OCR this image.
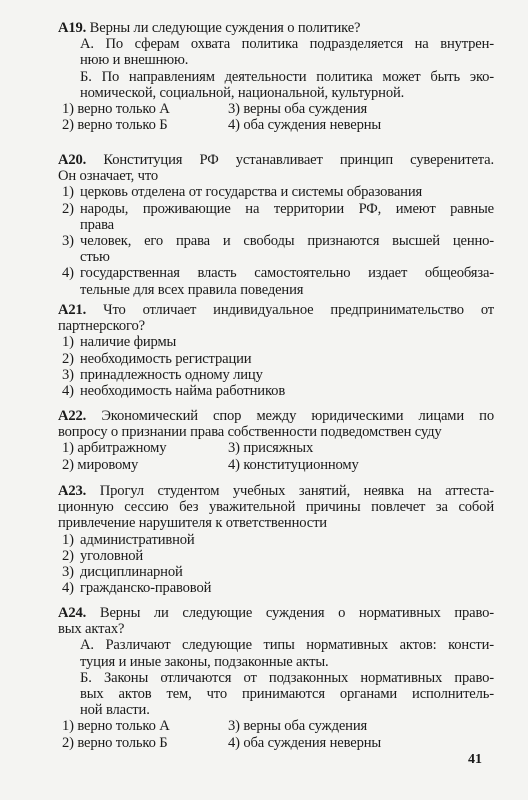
A19. Верны ли следующие суждения о политике?
А. По сферам охвата политика подразделяется на внутрен-
нюю и внешнюю.
Б. По направлениям деятельности политика может быть эко-
номической, социальной, национальной, культурной.
1) верно только А	3) верны оба суждения
2) верно только Б	4) оба суждения неверны
А20. Конституция РФ устанавливает принцип суверенитета.
Он означает, что
1) церковь отделена от государства и системы образования
2) народы, проживающие на территории РФ, имеют равные
права
3) человек, его права и свободы признаются высшей ценно-
стью
4) государственная власть самостоятельно издает общеобяза-
тельные для всех правила поведения
А21. Что отличает индивидуальное предпринимательство от
партнерского?
1) наличие фирмы
2) необходимость регистрации
3) принадлежность одному лицу
4) необходимость найма работников
А22. Экономический спор между юридическими лицами по
вопросу о признании права собственности подведомствен суду
1) арбитражному	3) присяжных
2) мировому	4) конституционному
А23. Прогул студентом учебных занятий, неявка на аттеста-
ционную сессию без уважительной причины повлечет за собой
привлечение нарушителя к ответственности
1) административной
2) уголовной
3) дисциплинарной
4) гражданско-правовой
А24. Верны ли следующие суждения о нормативных право-
вых актах?
А. Различают следующие типы нормативных актов: консти-
туция и иные законы, подзаконные акты.
Б. Законы отличаются от подзаконных нормативных право-
вых актов тем, что принимаются органами исполнитель-
ной власти.
1) верно только А	3) верны оба суждения
2) верно только Б	4) оба суждения неверны
41
